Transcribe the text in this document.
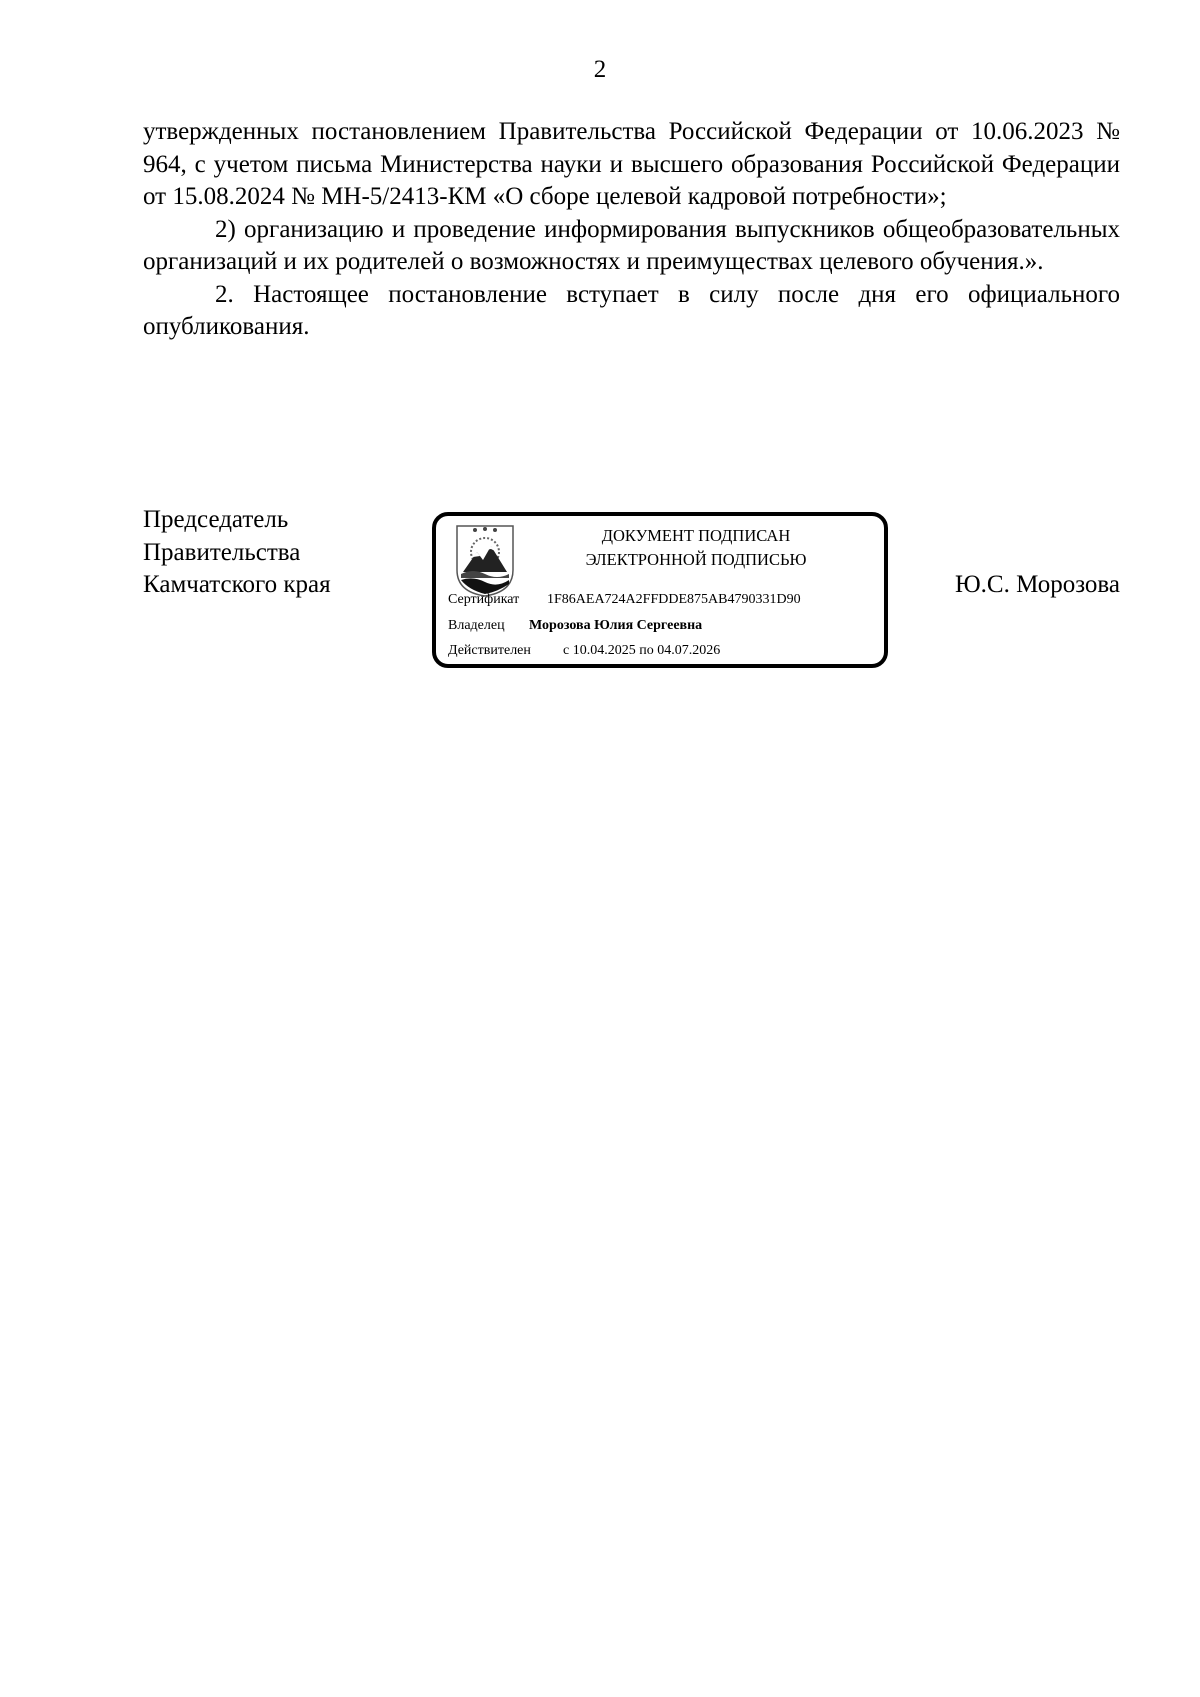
2

утвержденных постановлением Правительства Российской Федерации от 10.06.2023 № 964, с учетом письма Министерства науки и высшего образования Российской Федерации от 15.08.2024 № МН-5/2413-КМ «О сборе целевой кадровой потребности»;

2) организацию и проведение информирования выпускников общеобразовательных организаций и их родителей о возможностях и преимуществах целевого обучения.».

2. Настоящее постановление вступает в силу после дня его официального опубликования.

Председатель
Правительства
Камчатского края
ДОКУМЕНТ ПОДПИСАН
ЭЛЕКТРОННОЙ ПОДПИСЬЮ
Сертификат 1F86AEA724A2FFDDE875AB4790331D90
Владелец Морозова Юлия Сергеевна
Действителен с 10.04.2025 по 04.07.2026
Ю.С. Морозова
